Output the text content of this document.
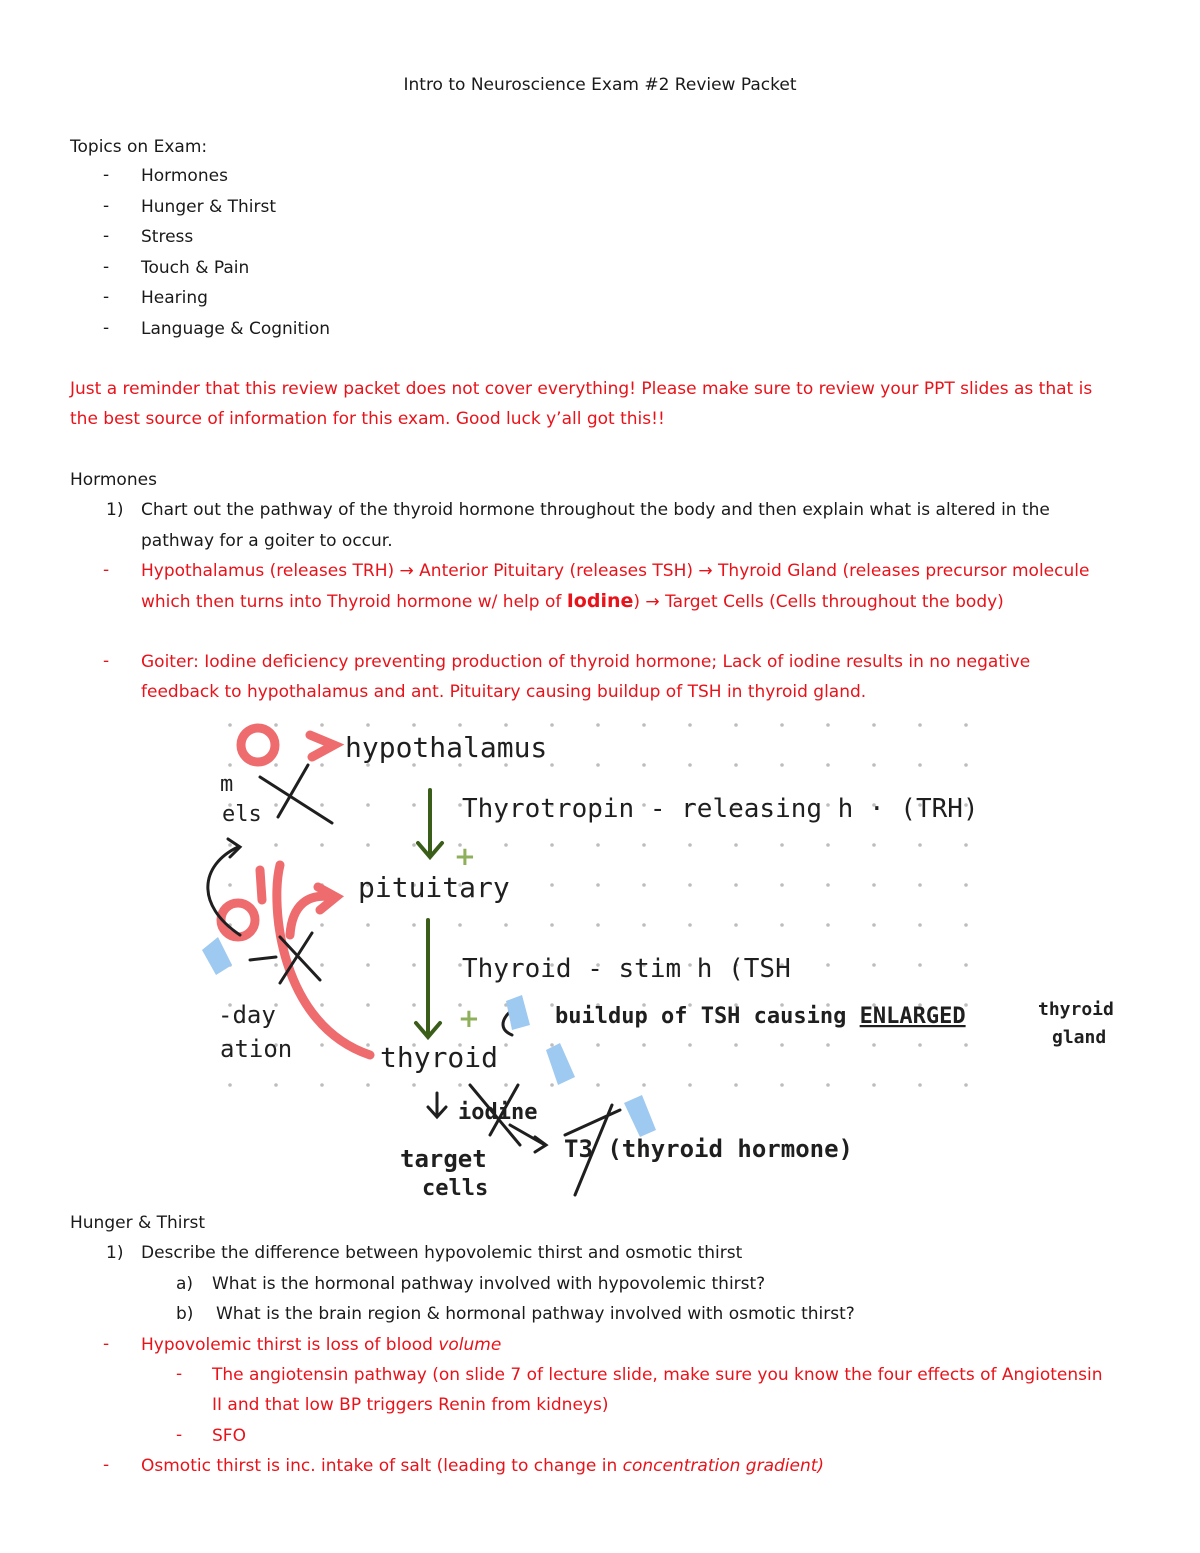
Intro to Neuroscience Exam #2 Review Packet
Topics on Exam:
- Hormones
- Hunger & Thirst
- Stress
- Touch & Pain
- Hearing
- Language & Cognition
Just a reminder that this review packet does not cover everything! Please make sure to review your PPT slides as that is
the best source of information for this exam. Good luck y’all got this!!
Hormones
1) Chart out the pathway of the thyroid hormone throughout the body and then explain what is altered in the
pathway for a goiter to occur.
- Hypothalamus (releases TRH) → Anterior Pituitary (releases TSH) → Thyroid Gland (releases precursor molecule
which then turns into Thyroid hormone w/ help of Iodine) → Target Cells (Cells throughout the body)
- Goiter: Iodine deficiency preventing production of thyroid hormone; Lack of iodine results in no negative
feedback to hypothalamus and ant. Pituitary causing buildup of TSH in thyroid gland.
−
−
+
+
hypothalamus
Thyrotropin - releasing h · (TRH)
pituitary
Thyroid - stim h (TSH
buildup of TSH causing ENLARGED	thyroid
gland
thyroid
iodine
target
cells
T3 (thyroid hormone)
m
els
-day
ation
Hunger & Thirst
1) Describe the difference between hypovolemic thirst and osmotic thirst
a) What is the hormonal pathway involved with hypovolemic thirst?
b) What is the brain region & hormonal pathway involved with osmotic thirst?
- Hypovolemic thirst is loss of blood volume
- The angiotensin pathway (on slide 7 of lecture slide, make sure you know the four effects of Angiotensin
II and that low BP triggers Renin from kidneys)
- SFO
- Osmotic thirst is inc. intake of salt (leading to change in concentration gradient)
